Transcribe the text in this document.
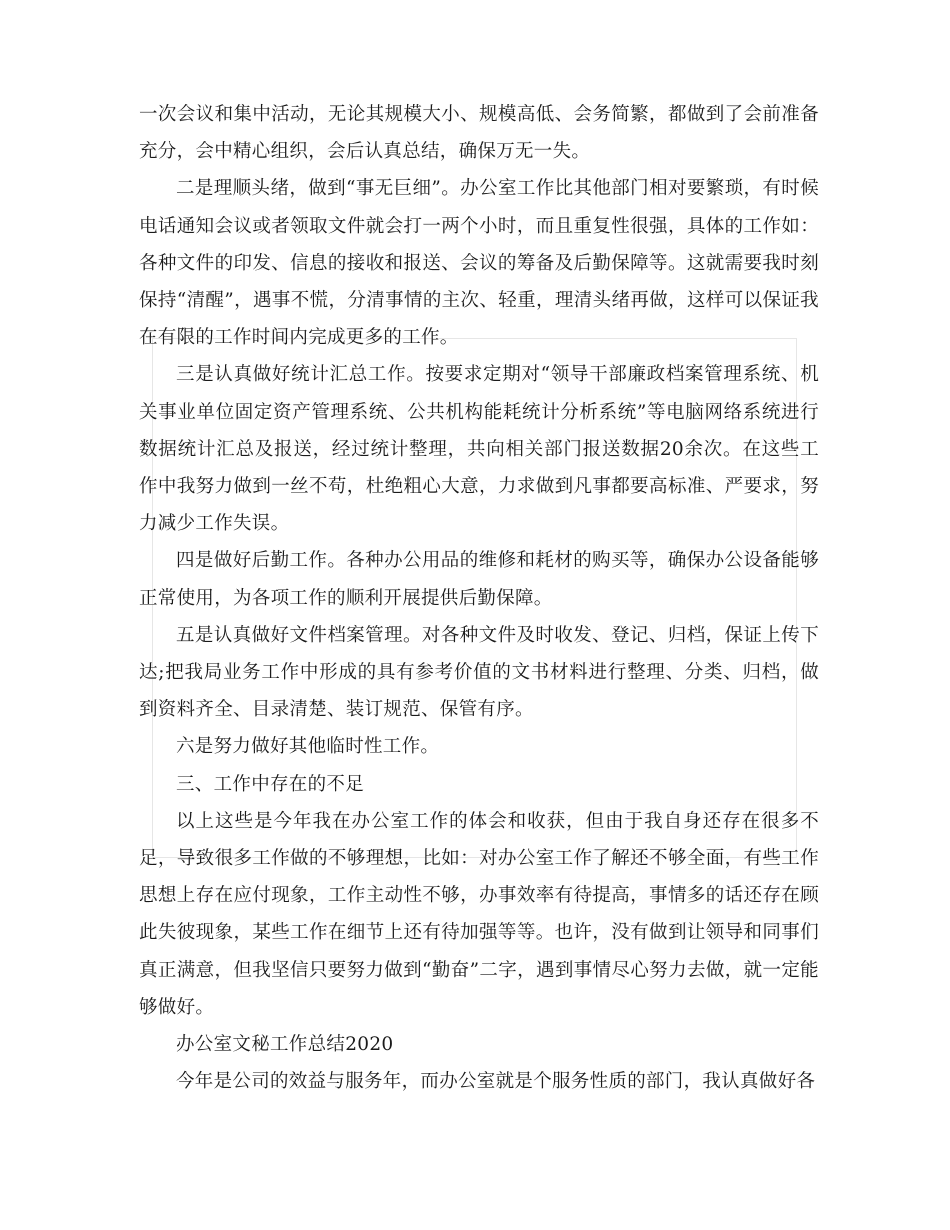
一次会议和集中活动，无论其规模大小、规模高低、会务简繁，都做到了会前准备充分，会中精心组织，会后认真总结，确保万无一失。

二是理顺头绪，做到“事无巨细”。办公室工作比其他部门相对要繁琐，有时候电话通知会议或者领取文件就会打一两个小时，而且重复性很强，具体的工作如：各种文件的印发、信息的接收和报送、会议的筹备及后勤保障等。这就需要我时刻保持“清醒”，遇事不慌，分清事情的主次、轻重，理清头绪再做，这样可以保证我在有限的工作时间内完成更多的工作。

三是认真做好统计汇总工作。按要求定期对“领导干部廉政档案管理系统、机关事业单位固定资产管理系统、公共机构能耗统计分析系统”等电脑网络系统进行数据统计汇总及报送，经过统计整理，共向相关部门报送数据20余次。在这些工作中我努力做到一丝不苟，杜绝粗心大意，力求做到凡事都要高标准、严要求，努力减少工作失误。

四是做好后勤工作。各种办公用品的维修和耗材的购买等，确保办公设备能够正常使用，为各项工作的顺利开展提供后勤保障。

五是认真做好文件档案管理。对各种文件及时收发、登记、归档，保证上传下达;把我局业务工作中形成的具有参考价值的文书材料进行整理、分类、归档，做到资料齐全、目录清楚、装订规范、保管有序。

六是努力做好其他临时性工作。

三、工作中存在的不足

以上这些是今年我在办公室工作的体会和收获，但由于我自身还存在很多不足，导致很多工作做的不够理想，比如：对办公室工作了解还不够全面，有些工作思想上存在应付现象，工作主动性不够，办事效率有待提高，事情多的话还存在顾此失彼现象，某些工作在细节上还有待加强等等。也许，没有做到让领导和同事们真正满意，但我坚信只要努力做到“勤奋”二字，遇到事情尽心努力去做，就一定能够做好。

办公室文秘工作总结2020

今年是公司的效益与服务年，而办公室就是个服务性质的部门，我认真做好各
